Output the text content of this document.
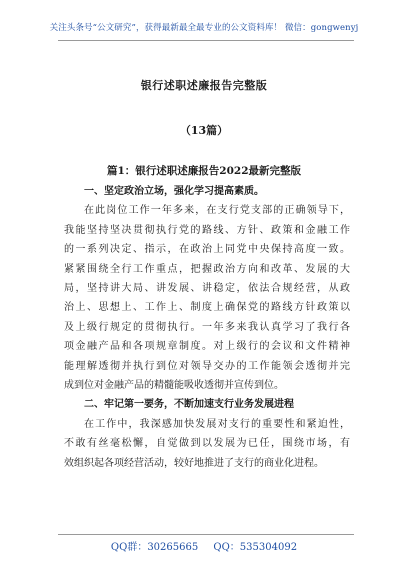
关注头条号“公文研究”，获得最新最全最专业的公文资料库！ 微信：gongwenyj
银行述职述廉报告完整版
（13篇）
篇1：银行述职述廉报告2022最新完整版
一、坚定政治立场，强化学习提高素质。
在此岗位工作一年多来，在支行党支部的正确领导下，
我能坚持坚决贯彻执行党的路线、方针、政策和金融工作
的一系列决定、指示，在政治上同党中央保持高度一致。
紧紧围绕全行工作重点，把握政治方向和改革、发展的大
局，坚持讲大局、讲发展、讲稳定，依法合规经营，从政
治上、思想上、工作上、制度上确保党的路线方针政策以
及上级行规定的贯彻执行。一年多来我认真学习了我行各
项金融产品和各项规章制度。对上级行的会议和文件精神
能理解透彻并执行到位对领导交办的工作能领会透彻并完
成到位对金融产品的精髓能吸收透彻并宣传到位。
二、牢记第一要务，不断加速支行业务发展进程
在工作中，我深感加快发展对支行的重要性和紧迫性，
不敢有丝毫松懈，自觉做到以发展为已任，围绕市场，有
效组织起各项经营活动，较好地推进了支行的商业化进程。
QQ群：30265665 QQ：535304092
